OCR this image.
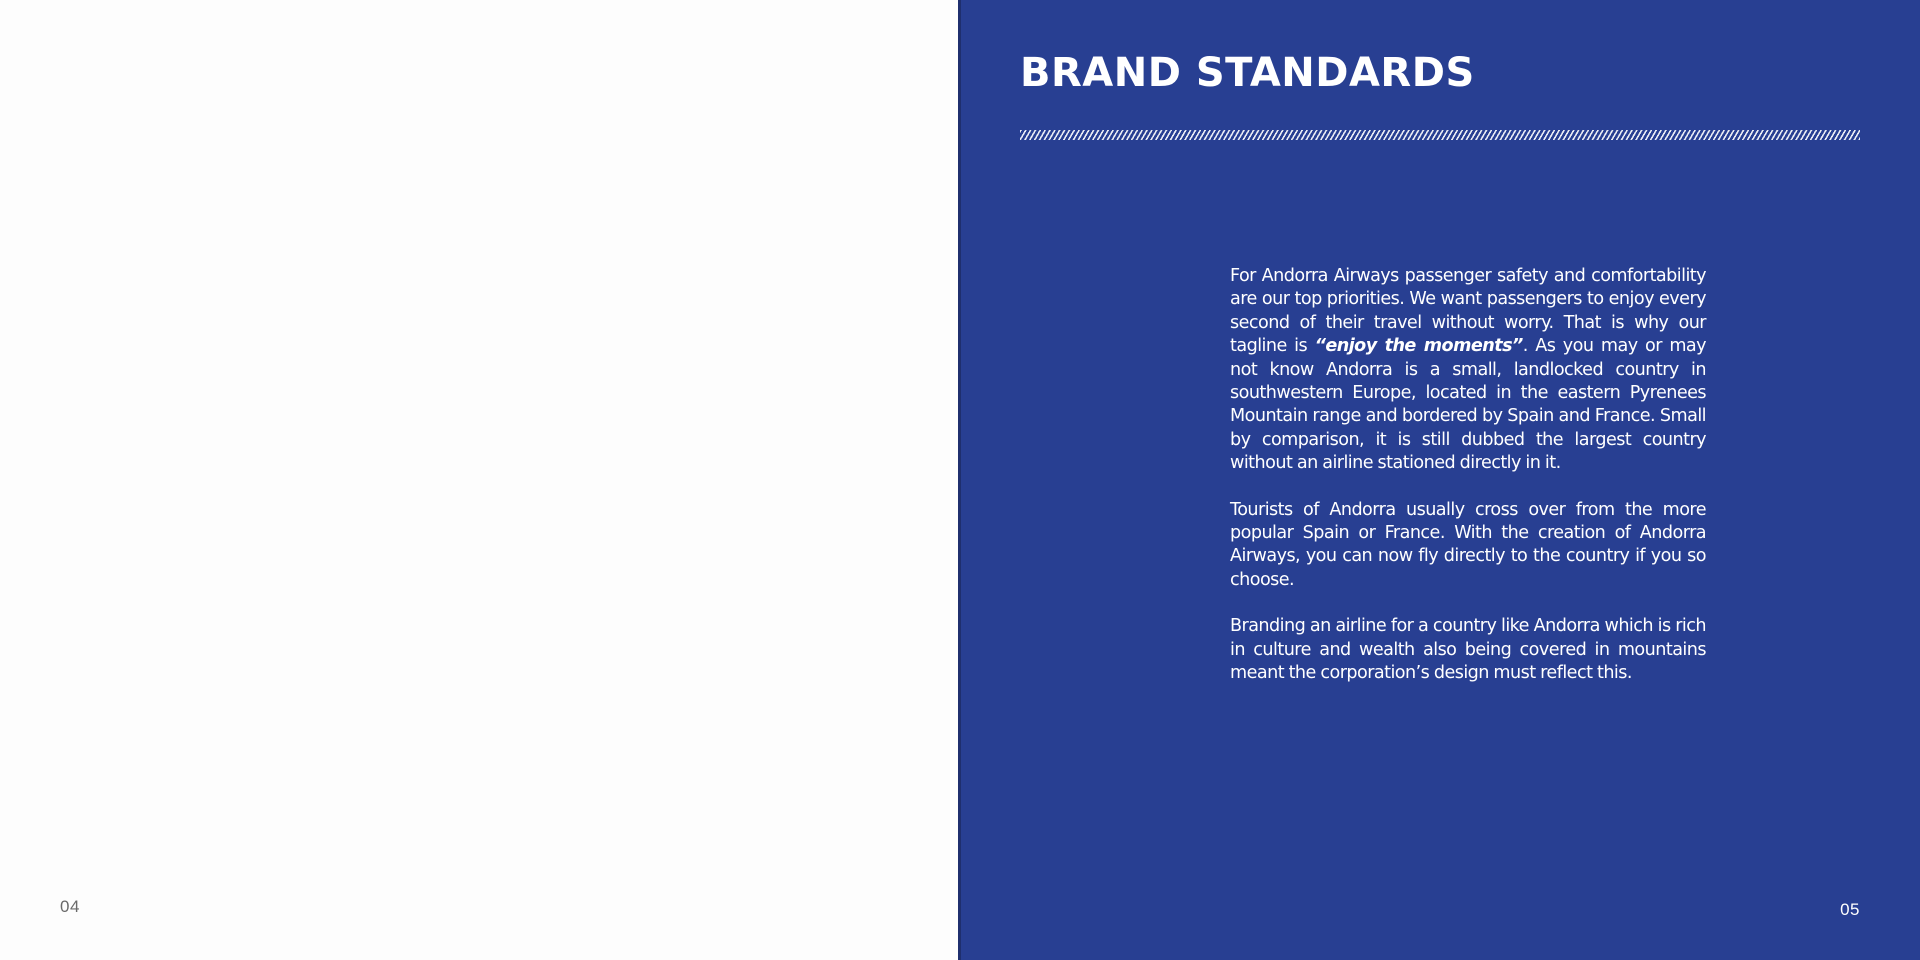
04
BRAND STANDARDS

For Andorra Airways passenger safety and comfortability are our top priorities. We want passengers to enjoy every second of their travel without worry. That is why our tagline is “enjoy the moments”. As you may or may not know Andorra is a small, landlocked country in southwestern Europe, located in the eastern Pyrenees Mountain range and bordered by Spain and France. Small by comparison, it is still dubbed the largest country without an airline stationed directly in it.

Tourists of Andorra usually cross over from the more popular Spain or France. With the creation of Andorra Airways, you can now fly directly to the country if you so choose.

Branding an airline for a country like Andorra which is rich in culture and wealth also being covered in mountains meant the corporation’s design must reflect this.

05
